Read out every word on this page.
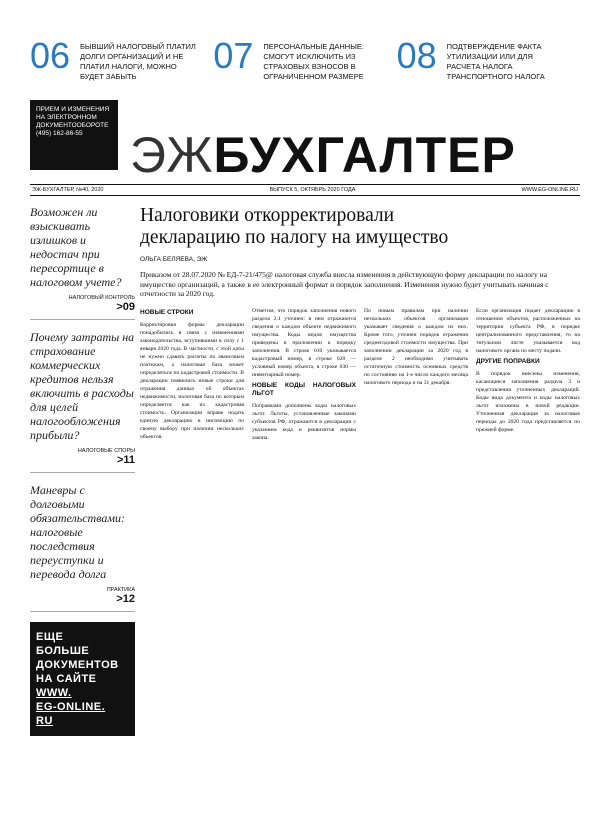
06	БЫВШИЙ НАЛОГОВЫЙ ПЛАТИЛ ДОЛГИ ОРГАНИЗАЦИЙ И НЕ ПЛАТИЛ НАЛОГИ, МОЖНО БУДЕТ ЗАБЫТЬ
07	ПЕРСОНАЛЬНЫЕ ДАННЫЕ: СМОГУТ ИСКЛЮЧИТЬ ИЗ СТРАХОВЫХ ВЗНОСОВ В ОГРАНИЧЕННОМ РАЗМЕРЕ
08	ПОДТВЕРЖДЕНИЕ ФАКТА УТИЛИЗАЦИИ ИЛИ ДЛЯ РАСЧЕТА НАЛОГА ТРАНСПОРТНОГО НАЛОГА
ПРИЕМ И ИЗМЕНЕНИЯ НА ЭЛЕКТРОННОМ ДОКУМЕНТООБОРОТЕ (495) 162-86-55 ЭЖБУХГАЛТЕР
ЭЖ-БУХГАЛТЕР, №40, 2020	ВЫПУСК 5, ОКТЯБРЬ 2020 ГОДА	WWW.EG-ONLINE.RU
Возможен ли взыскивать излишков и недостач при пересортице в налоговом учете?
НАЛОГОВЫЙ КОНТРОЛЬ
>09
Почему затраты на страхование коммерческих кредитов нельзя включить в расходы для целей налогообложения прибыли?
НАЛОГОВЫЕ СПОРЫ
>11
Маневры с долговыми обязательствами: налоговые последствия переуступки и перевода долга
ПРАКТИКА
>12
ЕЩЕ
БОЛЬШЕ
ДОКУМЕНТОВ
НА САЙТЕ
WWW.
EG-ONLINE.
RU
Налоговики откорректировали
декларацию по налогу на имущество
ОЛЬГА БЕЛЯЕВА, ЭЖ
Приказом от 28.07.2020 № ЕД-7-21/475@ налоговая служба внесла изменения в действующую форму декларации по налогу на имущество организаций, а также в ее электронный формат и порядок заполнения. Изменения нужно будет учитывать начиная с отчетности за 2020 год.
НОВЫЕ СТРОКИ

Корректировки формы декларации понадобились в связи с изменениями законодательства, вступившими в силу с 1 января 2020 года. В частности, с этой даты не нужно сдавать расчеты по авансовым платежам, а налоговая база может определяться по кадастровой стоимости. В декларации появились новые строки для отражения данных об объектах недвижимости, налоговая база по которым определяется как их кадастровая стоимость. Организации вправе подать единую декларацию в инспекцию по своему выбору при наличии нескольких объектов.

Отметим, что порядок заполнения нового раздела 2.1 уточнен: в нем отражаются сведения о каждом объекте недвижимого имущества. Коды видов имущества приведены в приложении к порядку заполнения. В строке 010 указывается кадастровый номер, в строке 020 — условный номер объекта, в строке 030 — инвентарный номер.

НОВЫЕ КОДЫ НАЛОГОВЫХ ЛЬГОТ

Поправками дополнены коды налоговых льгот. Льготы, установленные законами субъектов РФ, отражаются в декларации с указанием кода и реквизитов нормы закона.

По новым правилам при наличии нескольких объектов организация указывает сведения о каждом из них. Кроме того, уточнен порядок отражения среднегодовой стоимости имущества. При заполнении декларации за 2020 год в разделе 2 необходимо учитывать остаточную стоимость основных средств по состоянию на 1-е число каждого месяца налогового периода и на 31 декабря.

Если организация подает декларацию в отношении объектов, расположенных на территории субъекта РФ, в порядке централизованного представления, то на титульном листе указывается код налогового органа по месту подачи.

ДРУГИЕ ПОПРАВКИ

В порядок внесены изменения, касающиеся заполнения раздела 3 и представления уточненных деклараций. Коды вида документа и коды налоговых льгот изложены в новой редакции. Уточненная декларация за налоговые периоды до 2020 года представляется по прежней форме.
